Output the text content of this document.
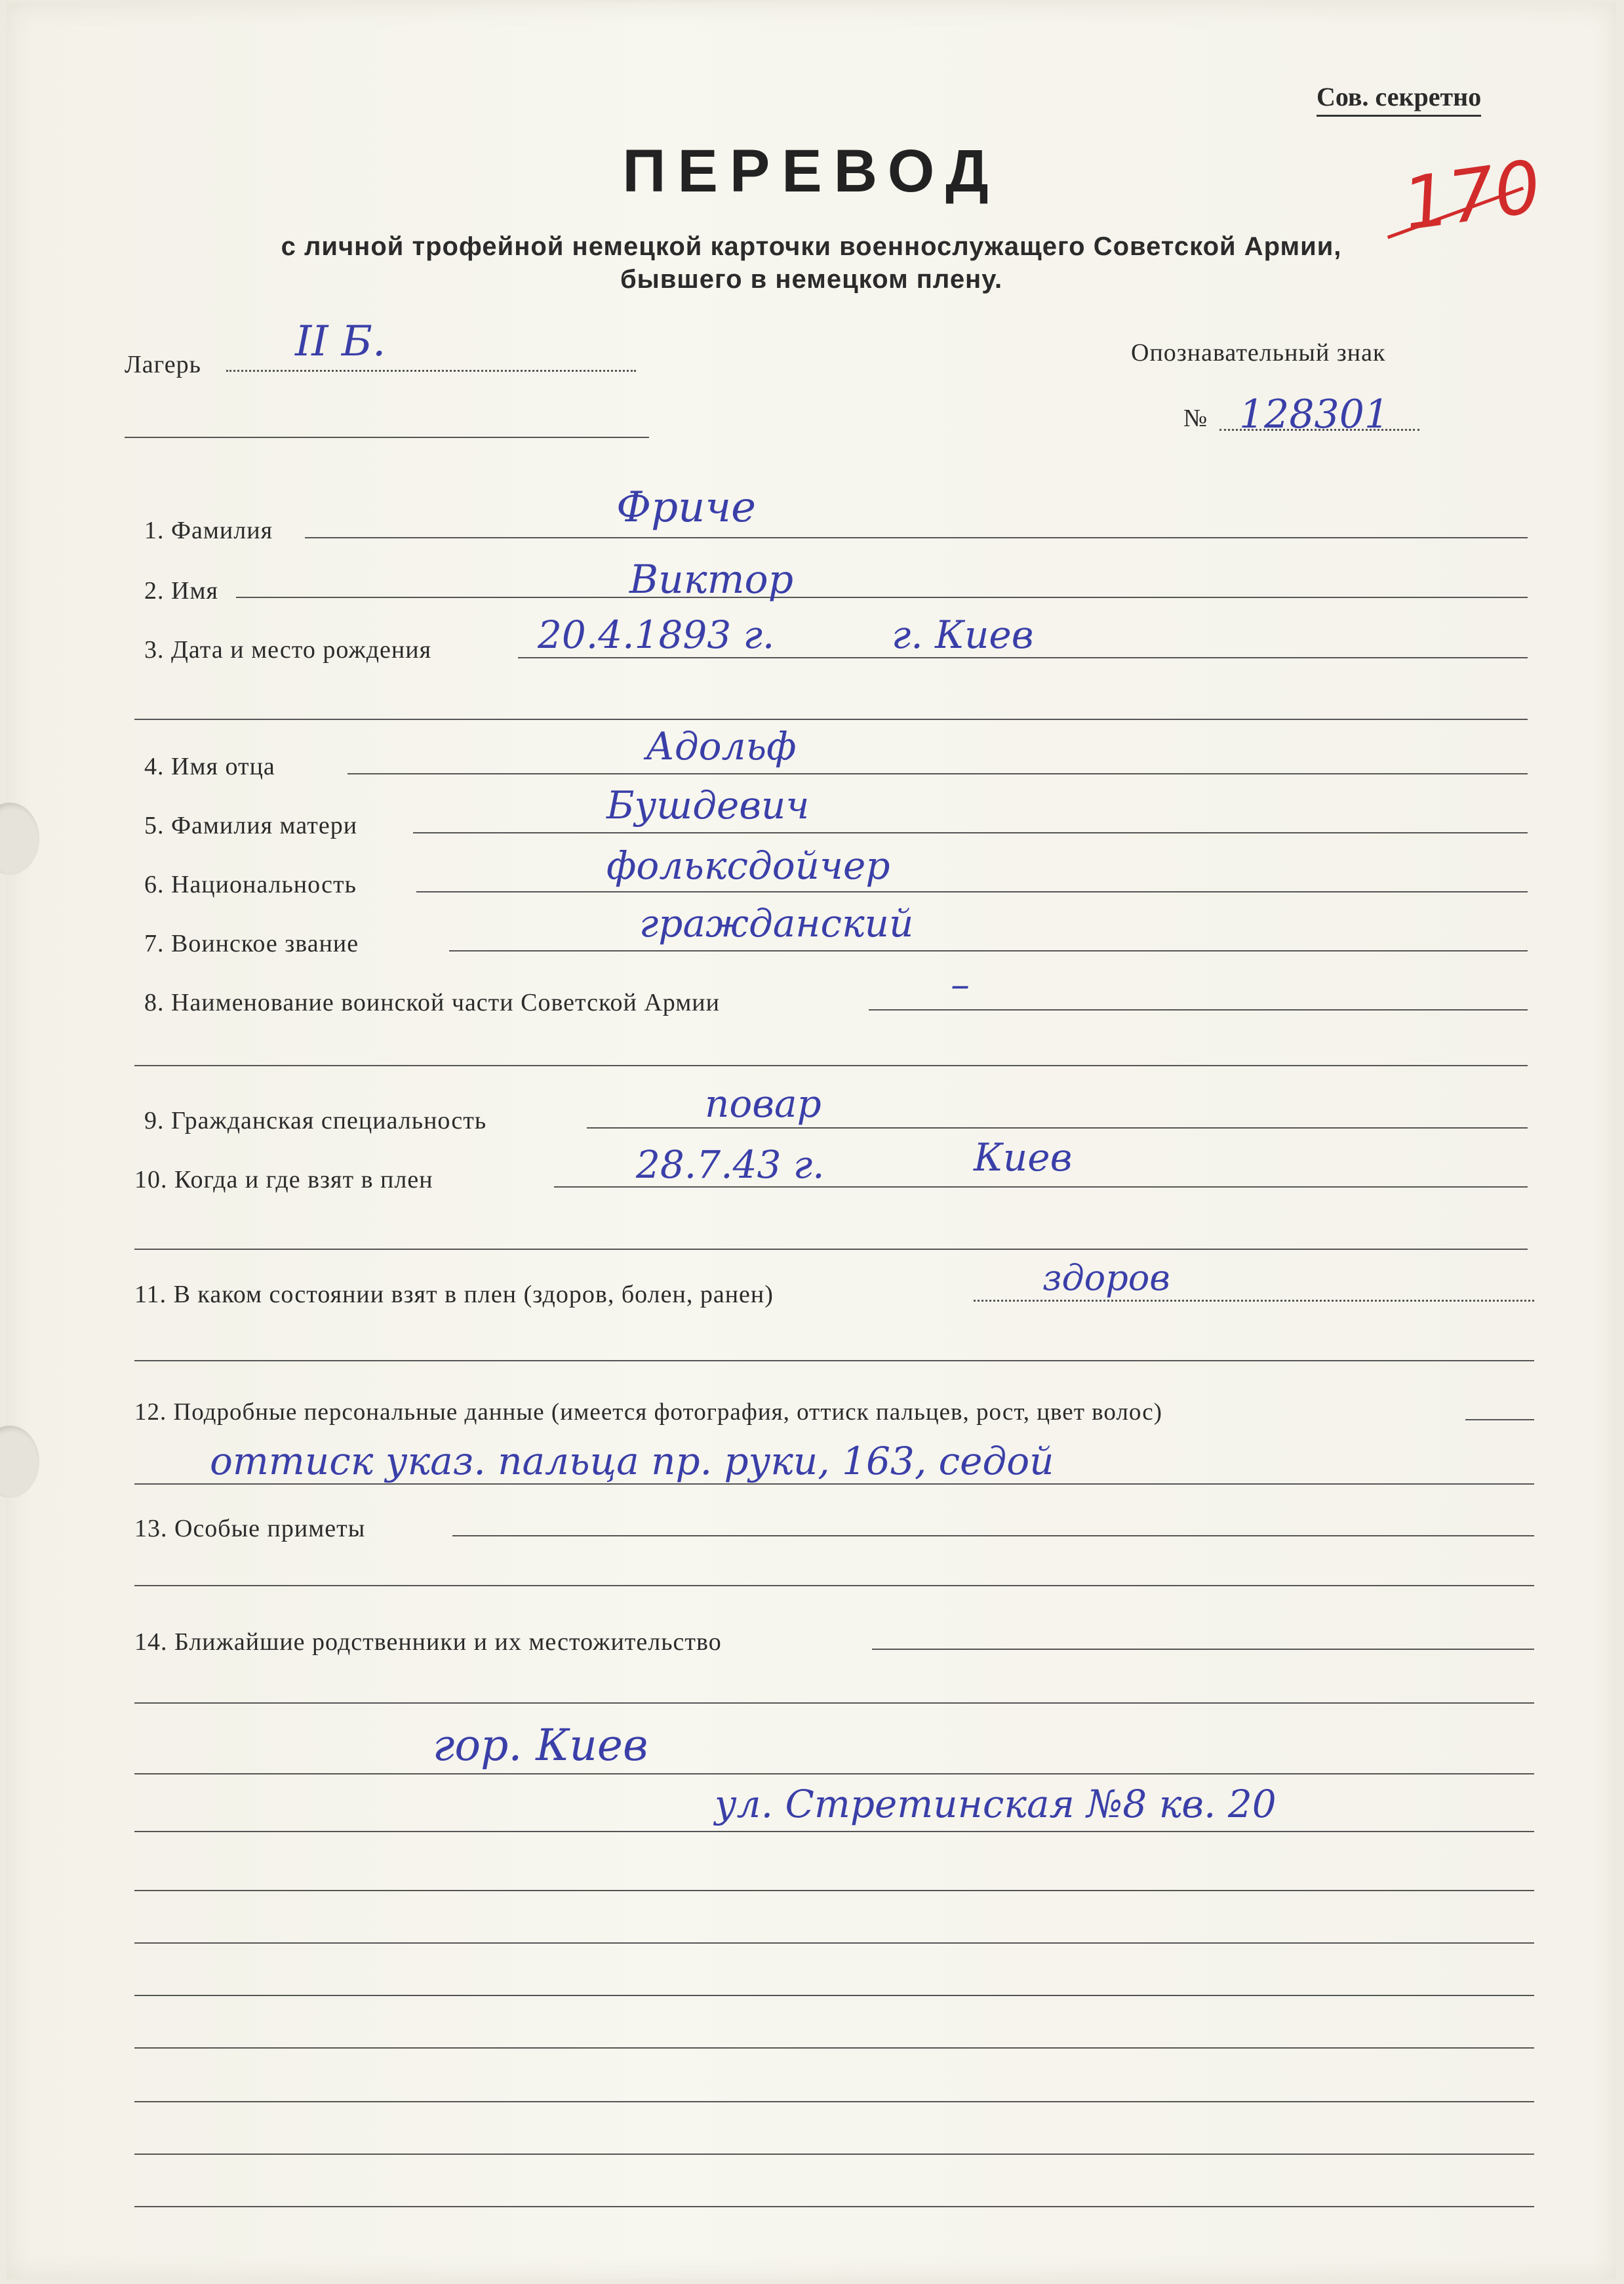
Сов. секретно
ПЕРЕВОД
с личной трофейной немецкой карточки военнослужащего Советской Армии,
бывшего в немецком плену.
170
Лагерь II Б.	Опознавательный знак
№ 128301
1. Фамилия	Фриче
2. Имя	Виктор
3. Дата и место рождения	20.4.1893 г.	г. Киев
4. Имя отца	Адольф
5. Фамилия матери	Бушдевич
6. Национальность	фольксдойчер
7. Воинское звание	гражданский
8. Наименование воинской части Советской Армии	–
9. Гражданская специальность	повар
10. Когда и где взят в плен	28.7.43 г.	Киев
11. В каком состоянии взят в плен (здоров, болен, ранен)	здоров
12. Подробные персональные данные (имеется фотография, оттиск пальцев, рост, цвет волос)
оттиск указ. пальца пр. руки, 163, седой
13. Особые приметы
14. Ближайшие родственники и их местожительство
гор. Киев
ул. Стретинская №8 кв. 20
